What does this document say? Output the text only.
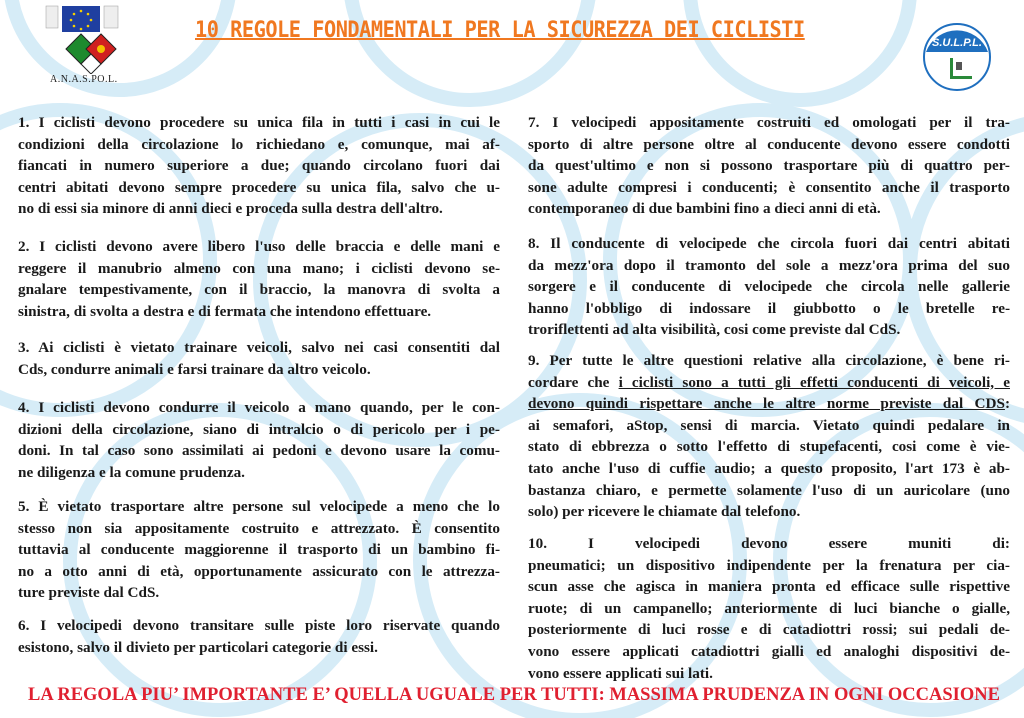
A.N.A.S.PO.L.
10 REGOLE FONDAMENTALI PER LA SICUREZZA DEI CICLISTI	S.U.L.P.L.
1. I ciclisti devono procedere su unica fila in tutti i casi in cui le
condizioni della circolazione lo richiedano e, comunque, mai af-
fiancati in numero superiore a due; quando circolano fuori dai
centri abitati devono sempre procedere su unica fila, salvo che u-
no di essi sia minore di anni dieci e proceda sulla destra dell'altro.
2. I ciclisti devono avere libero l'uso delle braccia e delle mani e
reggere il manubrio almeno con una mano; i ciclisti devono se-
gnalare tempestivamente, con il braccio, la manovra di svolta a
sinistra, di svolta a destra e di fermata che intendono effettuare.
3. Ai ciclisti è vietato trainare veicoli, salvo nei casi consentiti dal
Cds, condurre animali e farsi trainare da altro veicolo.
4. I ciclisti devono condurre il veicolo a mano quando, per le con-
dizioni della circolazione, siano di intralcio o di pericolo per i pe-
doni. In tal caso sono assimilati ai pedoni e devono usare la comu-
ne diligenza e la comune prudenza.
5. È vietato trasportare altre persone sul velocipede a meno che lo
stesso non sia appositamente costruito e attrezzato. È consentito
tuttavia al conducente maggiorenne il trasporto di un bambino fi-
no a otto anni di età, opportunamente assicurato con le attrezza-
ture previste dal CdS.
6. I velocipedi devono transitare sulle piste loro riservate quando
esistono, salvo il divieto per particolari categorie di essi.
7. I velocipedi appositamente costruiti ed omologati per il tra-
sporto di altre persone oltre al conducente devono essere condotti
da quest'ultimo e non si possono trasportare più di quattro per-
sone adulte compresi i conducenti; è consentito anche il trasporto
contemporaneo di due bambini fino a dieci anni di età.
8. Il conducente di velocipede che circola fuori dai centri abitati
da mezz'ora dopo il tramonto del sole a mezz'ora prima del suo
sorgere e il conducente di velocipede che circola nelle gallerie
hanno l'obbligo di indossare il giubbotto o le bretelle re-
troriflettenti ad alta visibilità, cosi come previste dal CdS.
9. Per tutte le altre questioni relative alla circolazione, è bene ri-
cordare che i ciclisti sono a tutti gli effetti conducenti di veicoli, e
devono quindi rispettare anche le altre norme previste dal CDS:
ai semafori, aStop, sensi di marcia. Vietato quindi pedalare in
stato di ebbrezza o sotto l'effetto di stupefacenti, cosi come è vie-
tato anche l'uso di cuffie audio; a questo proposito, l'art 173 è ab-
bastanza chiaro, e permette solamente l'uso di un auricolare (uno
solo) per ricevere le chiamate dal telefono.
10. I velocipedi devono essere muniti di:
pneumatici; un dispositivo indipendente per la frenatura per cia-
scun asse che agisca in maniera pronta ed efficace sulle rispettive
ruote; di un campanello; anteriormente di luci bianche o gialle,
posteriormente di luci rosse e di catadiottri rossi; sui pedali de-
vono essere applicati catadiottri gialli ed analoghi dispositivi de-
vono essere applicati sui lati.
LA REGOLA PIU’ IMPORTANTE E’ QUELLA UGUALE PER TUTTI: MASSIMA PRUDENZA IN OGNI OCCASIONE
